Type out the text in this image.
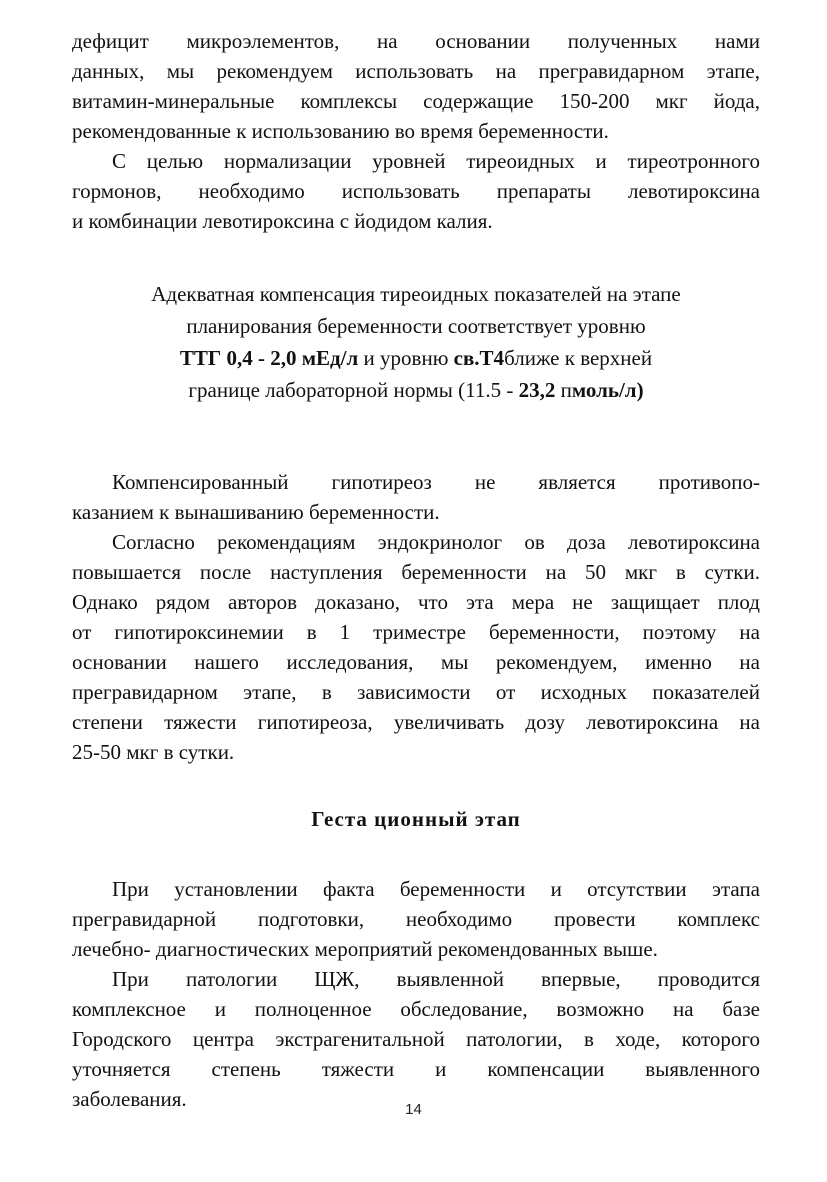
дефицит микроэлементов, на основании полученных нами

данных, мы рекомендуем использовать на прегравидарном этапе,

витамин-минеральные комплексы содержащие 150-200 мкг йода,

рекомендованные к использованию во время беременности.

С целью нормализации уровней тиреоидных и тиреотронного

гормонов, необходимо использовать препараты левотироксина

и комбинации левотироксина с йодидом калия.

Адекватная компенсация тиреоидных показателей на этапе
планирования беременности соответствует уровню
ТТГ 0,4 - 2,0 мЕд/л и уровню св.Т4ближе к верхней
границе лабораторной нормы (11.5 - 23,2 пмоль/л)

Компенсированный гипотиреоз не является противопо-

казанием к вынашиванию беременности.

Согласно рекомендациям эндокринолог ов доза левотироксина

повышается после наступления беременности на 50 мкг в сутки.

Однако рядом авторов доказано, что эта мера не защищает плод

от гипотироксинемии в 1 триместре беременности, поэтому на

основании нашего исследования, мы рекомендуем, именно на

прегравидарном этапе, в зависимости от исходных показателей

степени тяжести гипотиреоза, увеличивать дозу левотироксина на

25-50 мкг в сутки.

Геста ционный этап

При установлении факта беременности и отсутствии этапа

прегравидарной подготовки, необходимо провести комплекс

лечебно- диагностических мероприятий рекомендованных выше.

При патологии ЩЖ, выявленной впервые, проводится

комплексное и полноценное обследование, возможно на базе

Городского центра экстрагенитальной патологии, в ходе, которого

уточняется степень тяжести и компенсации выявленного

заболевания.	14
